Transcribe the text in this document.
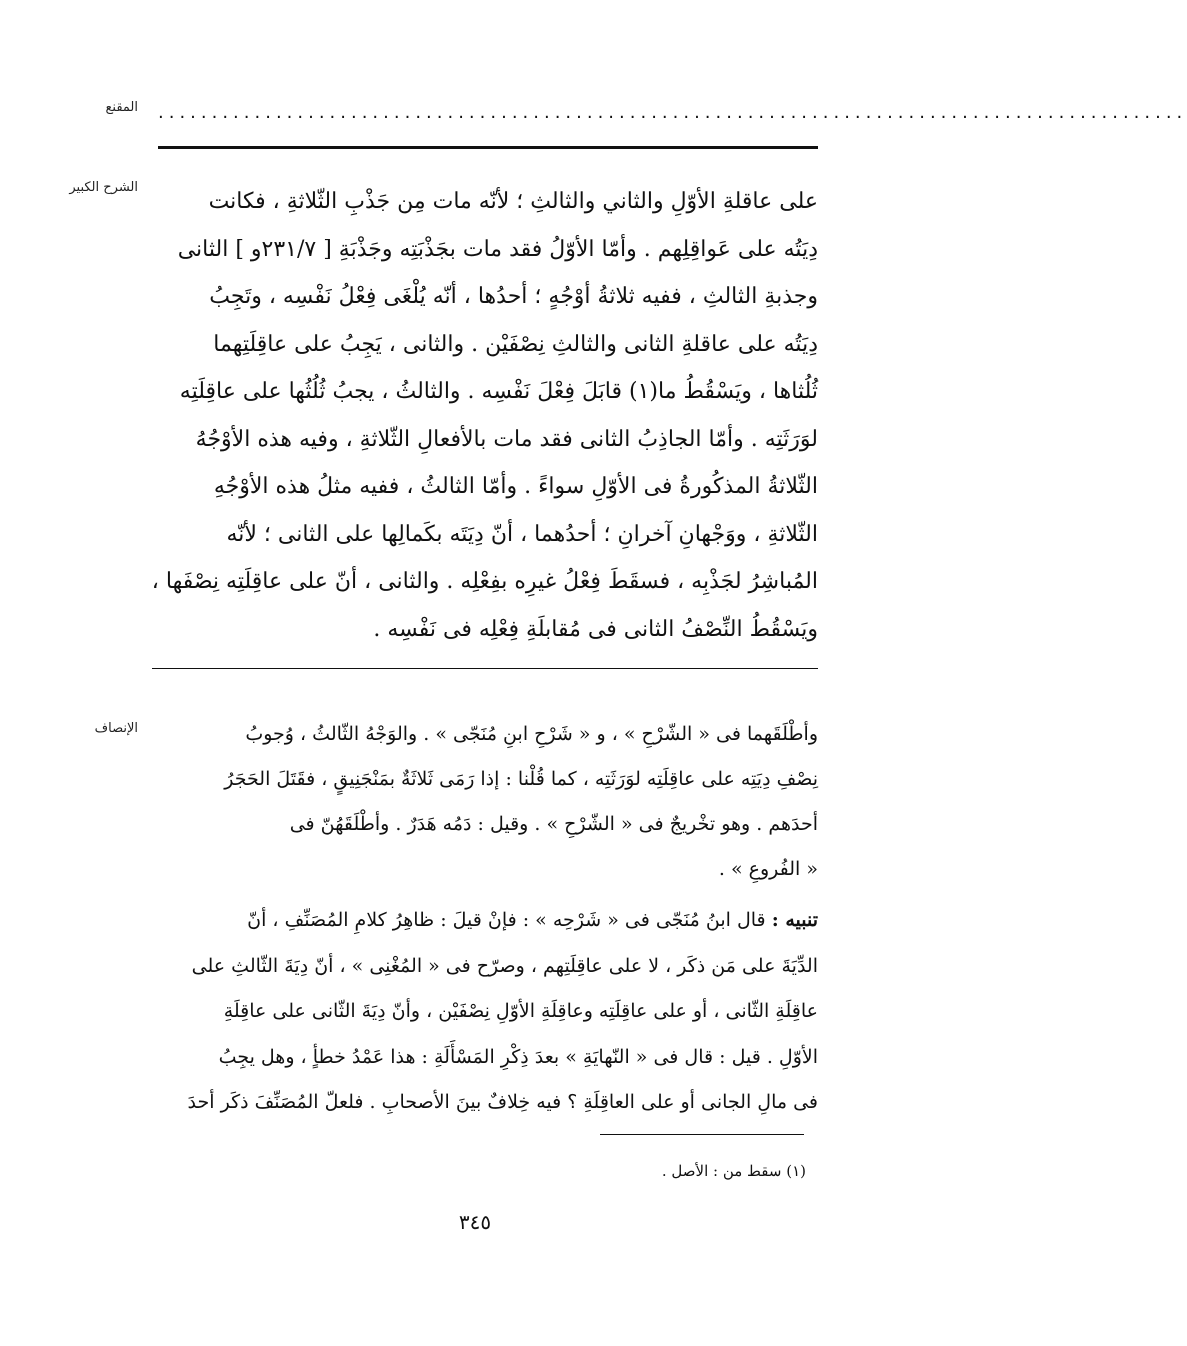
المقنع ................................................................................................
الشرح الكبير
على عاقلةِ الأوّلِ والثاني والثالثِ ؛ لأنّه مات مِن جَذْبِ الثّلاثةِ ، فكانت
دِيَتُه على عَواقِلِهم . وأمّا الأوّلُ فقد مات بجَذْبَتِه وجَذْبَةِ [ ٢٣١/٧و ] الثانى
وجذبةِ الثالثِ ، ففيه ثلاثةُ أوْجُهٍ ؛ أحدُها ، أنّه يُلْغَى فِعْلُ نَفْسِه ، وتَجِبُ
دِيَتُه على عاقلةِ الثانى والثالثِ نِصْفَيْن . والثانى ، يَجِبُ على عاقِلَتِهما
ثُلُثاها ، ويَسْقُطُ ما(١) قابَلَ فِعْلَ نَفْسِه . والثالثُ ، يجبُ ثُلُثُها على عاقِلَتِه
لوَرَثَتِه . وأمّا الجاذِبُ الثانى فقد مات بالأفعالِ الثّلاثةِ ، وفيه هذه الأوْجُهُ
الثّلاثةُ المذكُورةُ فى الأوّلِ سواءً . وأمّا الثالثُ ، ففيه مثلُ هذه الأوْجُهِ
الثّلاثةِ ، ووَجْهانِ آخرانِ ؛ أحدُهما ، أنّ دِيَتَه بكَمالِها على الثانى ؛ لأنّه
المُباشِرُ لجَذْبِه ، فسقَطَ فِعْلُ غيرِه بفِعْلِه . والثانى ، أنّ على عاقِلَتِه نِصْفَها ،
ويَسْقُطُ النِّصْفُ الثانى فى مُقابلَةِ فِعْلِه فى نَفْسِه .
الإنصاف	وأطْلَقَهما فى « الشّرْحِ » ، و « شَرْحِ ابنِ مُنَجّى » . والوَجْهُ الثّالثُ ، وُجوبُ
نِصْفِ دِيَتِه على عاقِلَتِه لوَرَثَتِه ، كما قُلْنا : إذا رَمَى ثَلاثَةٌ بمَنْجَنِيقٍ ، فقَتَلَ الحَجَرُ
أحدَهم . وهو تخْريجٌ فى « الشّرْحِ » . وقيل : دَمُه هَدَرٌ . وأطْلَقَهُنّ فى
« الفُروعِ » .
تنبيه : قال ابنُ مُنَجّى فى « شَرْحِه » : فإنْ قيلَ : ظاهِرُ كلامِ المُصَنِّفِ ، أنّ
الدِّيَةَ على مَن ذكَر ، لا على عاقِلَتِهم ، وصرّح فى « المُغْنِى » ، أنّ دِيَةَ الثّالثِ على
عاقِلَةِ الثّانى ، أو على عاقِلَتِه وعاقِلَةِ الأوّلِ نِصْفَيْن ، وأنّ دِيَةَ الثّانى على عاقِلَةِ
الأوّلِ . قيل : قال فى « النّهايَةِ » بعدَ ذِكْرِ المَسْأَلَةِ : هذا عَمْدُ خطأٍ ، وهل يجِبُ
فى مالِ الجانى أو على العاقِلَةِ ؟ فيه خِلافٌ بينَ الأصحابِ . فلعلّ المُصَنِّفَ ذكَر أحدَ
(١) سقط من : الأصل .
٣٤٥
